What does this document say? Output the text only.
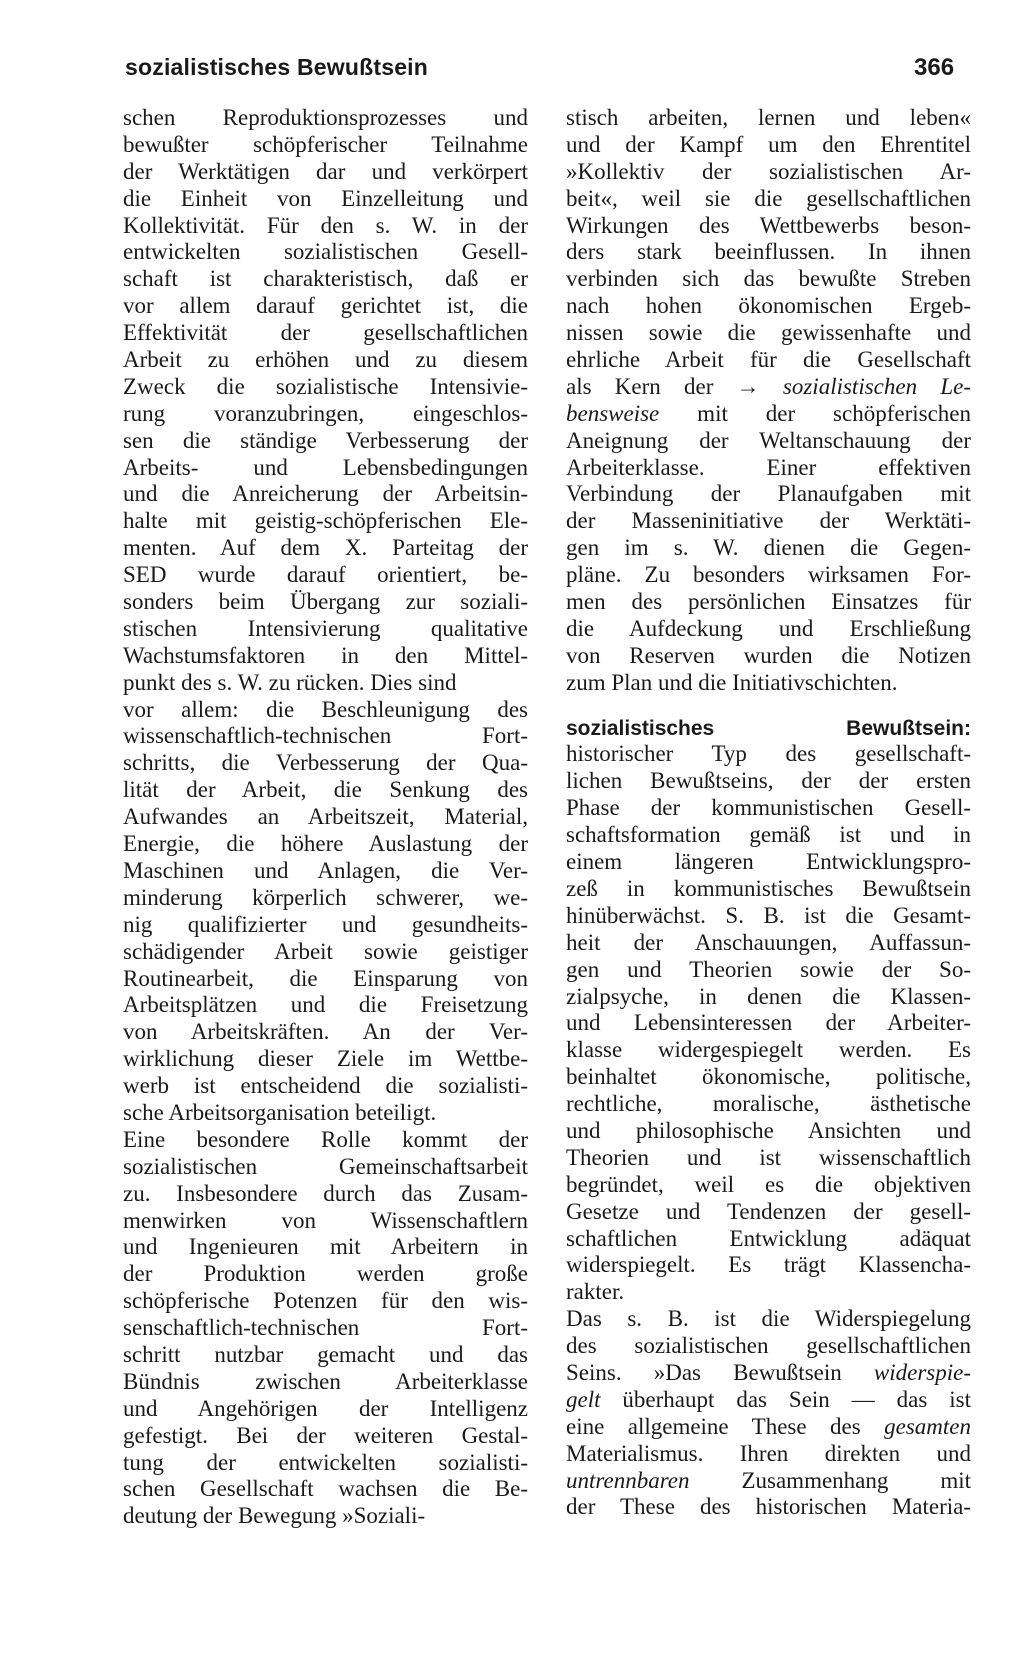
sozialistisches Bewußtsein	366
schen Reproduktionsprozesses und
bewußter schöpferischer Teilnahme
der Werktätigen dar und verkörpert
die Einheit von Einzelleitung und
Kollektivität. Für den s. W. in der
entwickelten sozialistischen Gesell-
schaft ist charakteristisch, daß er
vor allem darauf gerichtet ist, die
Effektivität der gesellschaftlichen
Arbeit zu erhöhen und zu diesem
Zweck die sozialistische Intensivie-
rung voranzubringen, eingeschlos-
sen die ständige Verbesserung der
Arbeits- und Lebensbedingungen
und die Anreicherung der Arbeitsin-
halte mit geistig-schöpferischen Ele-
menten. Auf dem X. Parteitag der
SED wurde darauf orientiert, be-
sonders beim Übergang zur soziali-
stischen Intensivierung qualitative
Wachstumsfaktoren in den Mittel-
punkt des s. W. zu rücken. Dies sind
vor allem: die Beschleunigung des
wissenschaftlich-technischen Fort-
schritts, die Verbesserung der Qua-
lität der Arbeit, die Senkung des
Aufwandes an Arbeitszeit, Material,
Energie, die höhere Auslastung der
Maschinen und Anlagen, die Ver-
minderung körperlich schwerer, we-
nig qualifizierter und gesundheits-
schädigender Arbeit sowie geistiger
Routinearbeit, die Einsparung von
Arbeitsplätzen und die Freisetzung
von Arbeitskräften. An der Ver-
wirklichung dieser Ziele im Wettbe-
werb ist entscheidend die sozialisti-
sche Arbeitsorganisation beteiligt.
Eine besondere Rolle kommt der
sozialistischen Gemeinschaftsarbeit
zu. Insbesondere durch das Zusam-
menwirken von Wissenschaftlern
und Ingenieuren mit Arbeitern in
der Produktion werden große
schöpferische Potenzen für den wis-
senschaftlich-technischen Fort-
schritt nutzbar gemacht und das
Bündnis zwischen Arbeiterklasse
und Angehörigen der Intelligenz
gefestigt. Bei der weiteren Gestal-
tung der entwickelten sozialisti-
schen Gesellschaft wachsen die Be-
deutung der Bewegung »Soziali-
stisch arbeiten, lernen und leben«
und der Kampf um den Ehrentitel
»Kollektiv der sozialistischen Ar-
beit«, weil sie die gesellschaftlichen
Wirkungen des Wettbewerbs beson-
ders stark beeinflussen. In ihnen
verbinden sich das bewußte Streben
nach hohen ökonomischen Ergeb-
nissen sowie die gewissenhafte und
ehrliche Arbeit für die Gesellschaft
als Kern der → sozialistischen Le-
bensweise mit der schöpferischen
Aneignung der Weltanschauung der
Arbeiterklasse. Einer effektiven
Verbindung der Planaufgaben mit
der Masseninitiative der Werktäti-
gen im s. W. dienen die Gegen-
pläne. Zu besonders wirksamen For-
men des persönlichen Einsatzes für
die Aufdeckung und Erschließung
von Reserven wurden die Notizen
zum Plan und die Initiativschichten.
sozialistisches Bewußtsein:
historischer Typ des gesellschaft-
lichen Bewußtseins, der der ersten
Phase der kommunistischen Gesell-
schaftsformation gemäß ist und in
einem längeren Entwicklungspro-
zeß in kommunistisches Bewußtsein
hinüberwächst. S. B. ist die Gesamt-
heit der Anschauungen, Auffassun-
gen und Theorien sowie der So-
zialpsyche, in denen die Klassen-
und Lebensinteressen der Arbeiter-
klasse widergespiegelt werden. Es
beinhaltet ökonomische, politische,
rechtliche, moralische, ästhetische
und philosophische Ansichten und
Theorien und ist wissenschaftlich
begründet, weil es die objektiven
Gesetze und Tendenzen der gesell-
schaftlichen Entwicklung adäquat
widerspiegelt. Es trägt Klassencha-
rakter.
Das s. B. ist die Widerspiegelung
des sozialistischen gesellschaftlichen
Seins. »Das Bewußtsein widerspie-
gelt überhaupt das Sein — das ist
eine allgemeine These des gesamten
Materialismus. Ihren direkten und
untrennbaren Zusammenhang mit
der These des historischen Materia-
